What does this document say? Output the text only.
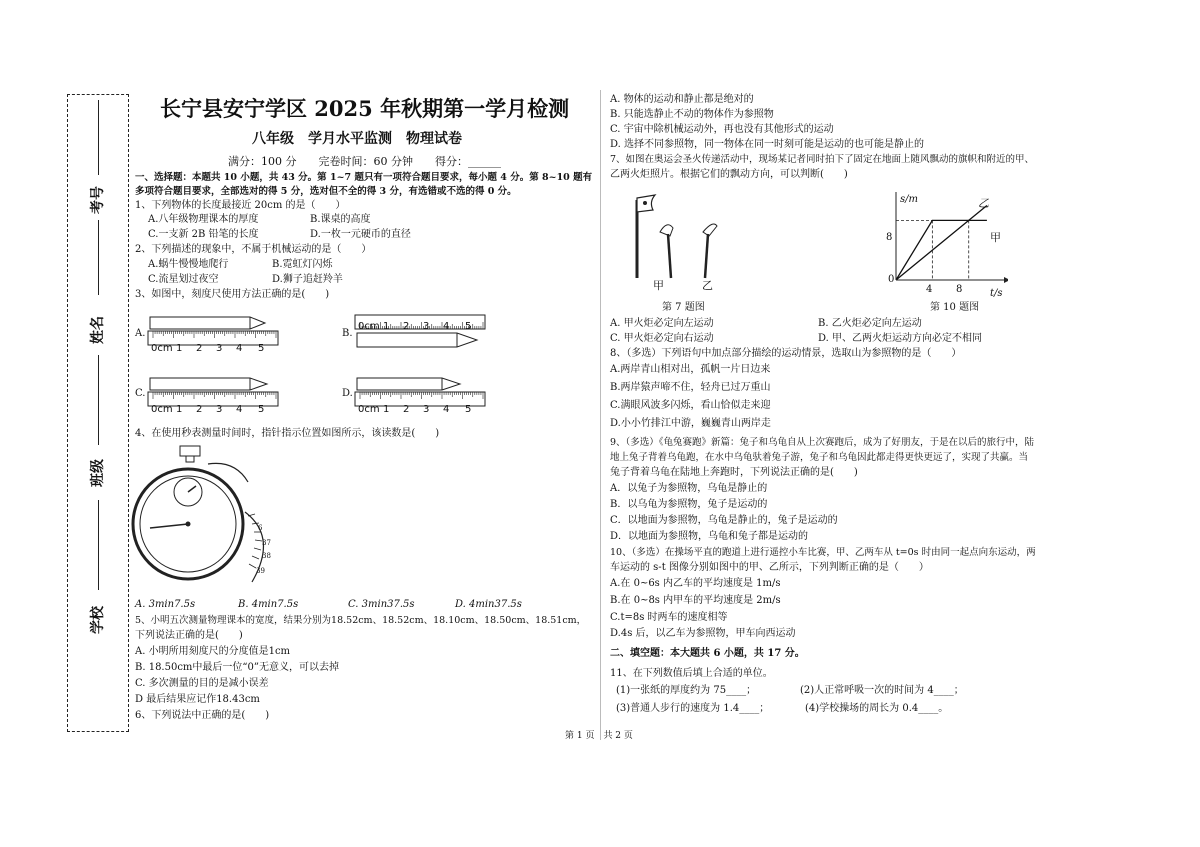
考号
姓名
班级
学校
长宁县安宁学区 2025 年秋期第一学月检测
八年级　学月水平监测　物理试卷
满分：100 分　　完卷时间：60 分钟　　得分：______
一、选择题：本题共 10 小题，共 43 分。第 1~7 题只有一项符合题目要求，每小题 4 分。第 8~10 题有
多项符合题目要求，全部选对的得 5 分，选对但不全的得 3 分，有选错或不选的得 0 分。
1、下列物体的长度最接近 20cm 的是（　　）
A.八年级物理课本的厚度	B.课桌的高度
C.一支新 2B 铅笔的长度	D.一枚一元硬币的直径
2、下列描述的现象中，不属于机械运动的是（　　）
A.蜗牛慢慢地爬行	B.霓虹灯闪烁
C.流星划过夜空	D.狮子追赶羚羊
3、如图中，刻度尺使用方法正确的是(　　)
A.
0cm 1 2 3 4 5
B.
0cm 1 2 3 4 5
C.
0cm 1 2 3 4 5
D.
0cm 1 2 3 4 5
4、在使用秒表测量时间时，指针指示位置如图所示，该读数是(　　)
6
37
38
39
A. 3min7.5s	B. 4min7.5s	C. 3min37.5s	D. 4min37.5s
5、小明五次测量物理课本的宽度，结果分别为18.52cm、18.52cm、18.10cm、18.50cm、18.51cm，
下列说法正确的是(　　)
A. 小明所用刻度尺的分度值是1cm
B. 18.50cm中最后一位“0”无意义，可以去掉
C. 多次测量的目的是减小误差
D 最后结果应记作18.43cm
6、下列说法中正确的是(　　)
A. 物体的运动和静止都是绝对的
B. 只能选静止不动的物体作为参照物
C. 宇宙中除机械运动外，再也没有其他形式的运动
D. 选择不同参照物，同一物体在同一时刻可能是运动的也可能是静止的
7、如图在奥运会圣火传递活动中，现场某记者同时拍下了固定在地面上随风飘动的旗帜和附近的甲、
乙两火炬照片。根据它们的飘动方向，可以判断(　　)
甲	乙
第 7 题图
s/m
t/s
0
4 8
8	甲
乙
第 10 题图
A. 甲火炬必定向左运动	B. 乙火炬必定向左运动
C. 甲火炬必定向右运动	D. 甲、乙两火炬运动方向必定不相同
8、（多选）下列语句中加点部分描绘的运动情景，选取山为参照物的是（　　）
A.两岸青山相对出，孤帆一片日边来
B.两岸猿声啼不住，轻舟已过万重山
C.满眼风波多闪烁，看山恰似走来迎
D.小小竹排江中游，巍巍青山两岸走
9、（多选）《龟兔赛跑》新篇：兔子和乌龟自从上次赛跑后，成为了好朋友，于是在以后的旅行中，陆
地上兔子背着乌龟跑，在水中乌龟驮着兔子游，兔子和乌龟因此都走得更快更远了，实现了共赢。当
兔子背着乌龟在陆地上奔跑时，下列说法正确的是(　　)
A．以兔子为参照物，乌龟是静止的
B．以乌龟为参照物，兔子是运动的
C．以地面为参照物，乌龟是静止的，兔子是运动的
D．以地面为参照物，乌龟和兔子都是运动的
10、（多选）在操场平直的跑道上进行遥控小车比赛，甲、乙两车从 t=0s 时由同一起点向东运动，两
车运动的 s-t 图像分别如图中的甲、乙所示，下列判断正确的是（　　）
A.在 0~6s 内乙车的平均速度是 1m/s
B.在 0~8s 内甲车的平均速度是 2m/s
C.t=8s 时两车的速度相等
D.4s 后，以乙车为参照物，甲车向西运动
二、填空题：本大题共 6 小题，共 17 分。
11、在下列数值后填上合适的单位。
(1)一张纸的厚度约为 75____；	(2)人正常呼吸一次的时间为 4____；
(3)普通人步行的速度为 1.4____；	(4)学校操场的周长为 0.4____。
第 1 页　共 2 页
